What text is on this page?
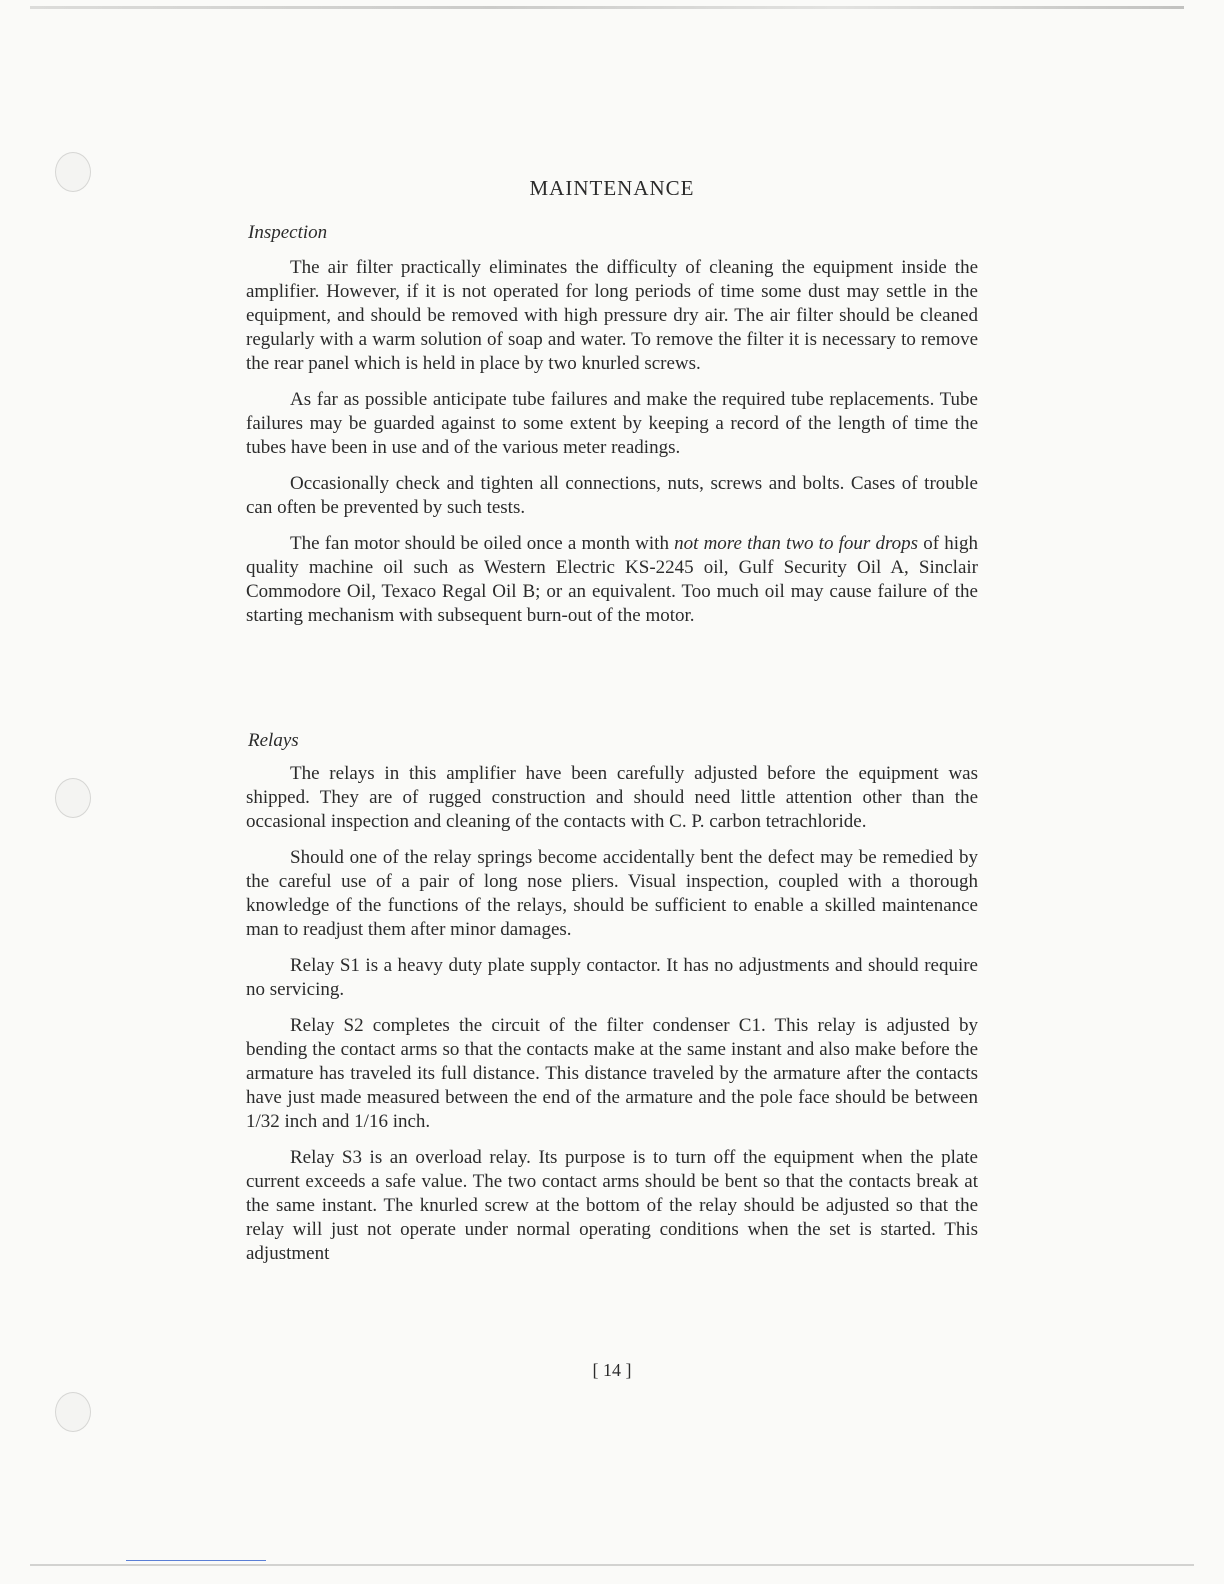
MAINTENANCE
Inspection

The air filter practically eliminates the difficulty of cleaning the equipment inside the amplifier. However, if it is not operated for long periods of time some dust may settle in the equipment, and should be removed with high pressure dry air. The air filter should be cleaned regularly with a warm solution of soap and water. To remove the filter it is necessary to remove the rear panel which is held in place by two knurled screws.

As far as possible anticipate tube failures and make the required tube replacements. Tube failures may be guarded against to some extent by keeping a record of the length of time the tubes have been in use and of the various meter readings.

Occasionally check and tighten all connections, nuts, screws and bolts. Cases of trouble can often be prevented by such tests.

The fan motor should be oiled once a month with not more than two to four drops of high quality machine oil such as Western Electric KS-2245 oil, Gulf Security Oil A, Sinclair Commodore Oil, Texaco Regal Oil B; or an equivalent. Too much oil may cause failure of the starting mechanism with subsequent burn-out of the motor.

Relays

The relays in this amplifier have been carefully adjusted before the equipment was shipped. They are of rugged construction and should need little attention other than the occasional inspection and cleaning of the contacts with C. P. carbon tetrachloride.

Should one of the relay springs become accidentally bent the defect may be remedied by the careful use of a pair of long nose pliers. Visual inspection, coupled with a thorough knowledge of the functions of the relays, should be sufficient to enable a skilled maintenance man to readjust them after minor damages.

Relay S1 is a heavy duty plate supply contactor. It has no adjustments and should require no servicing.

Relay S2 completes the circuit of the filter condenser C1. This relay is adjusted by bending the contact arms so that the contacts make at the same instant and also make before the armature has traveled its full distance. This distance traveled by the armature after the contacts have just made measured between the end of the armature and the pole face should be between 1/32 inch and 1/16 inch.

Relay S3 is an overload relay. Its purpose is to turn off the equipment when the plate current exceeds a safe value. The two contact arms should be bent so that the contacts break at the same instant. The knurled screw at the bottom of the relay should be adjusted so that the relay will just not operate under normal operating conditions when the set is started. This adjustment

[ 14 ]
